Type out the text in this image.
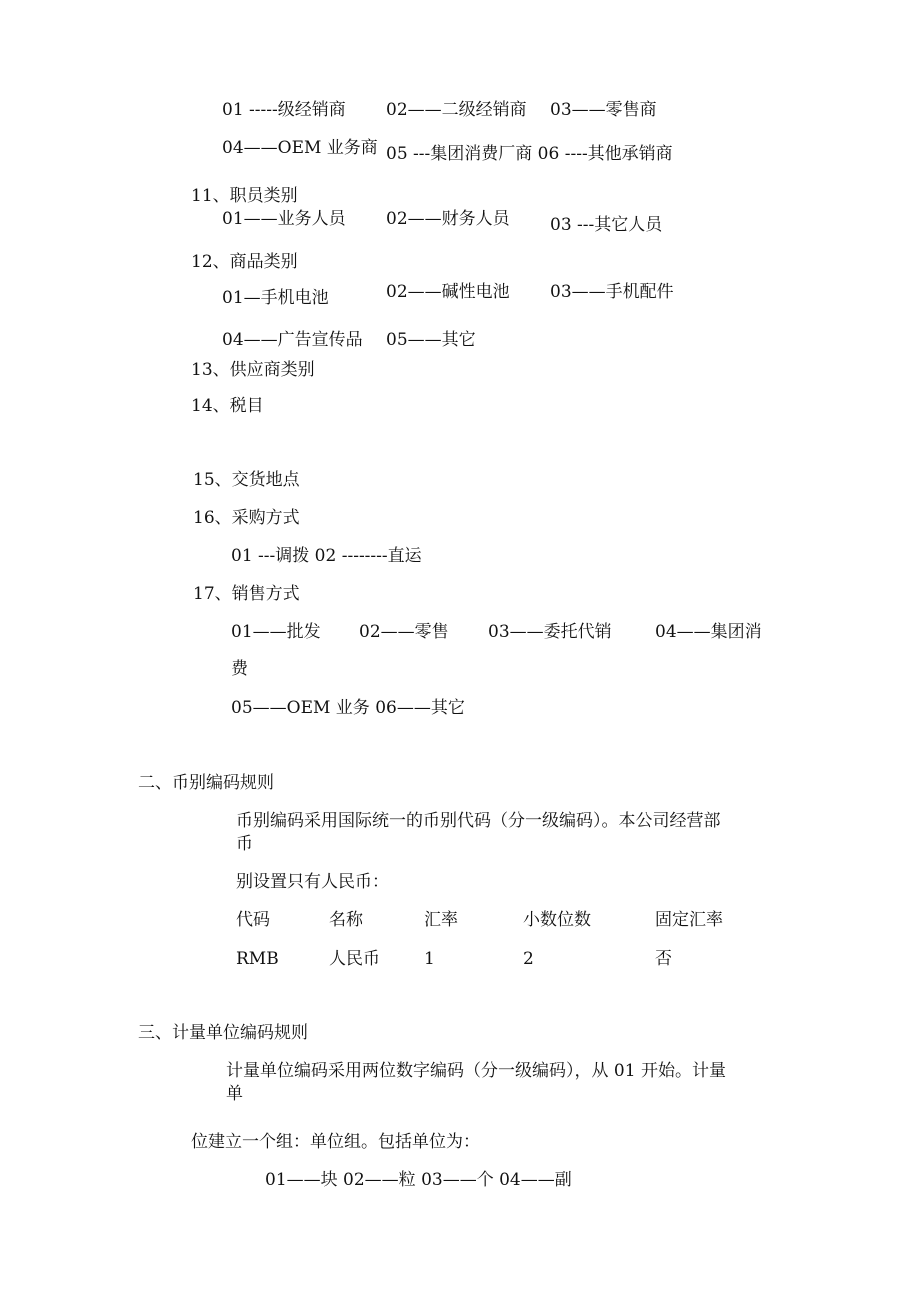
01 -----级经销商 02——二级经销商 03——零售商
04——OEM 业务商 05 ---集团消费厂商 06 ----其他承销商
11、职员类别
01——业务人员 02——财务人员 03 ---其它人员
12、商品类别
01—手机电池	02——碱性电池 03——手机配件
04——广告宣传品 05——其它
13、供应商类别
14、税目
15、交货地点
16、采购方式
01 ---调拨 02 --------直运
17、销售方式
01——批发 02——零售 03——委托代销	04——集团消
费
05——OEM 业务 06——其它
二、币别编码规则
币别编码采用国际统一的币别代码（分一级编码）。本公司经营部
币
别设置只有人民币：
代码	名称	汇率	小数位数	固定汇率
RMB	人民币	1	2	否
三、计量单位编码规则
计量单位编码采用两位数字编码（分一级编码），从 01 开始。计量
单
位建立一个组：单位组。包括单位为：
01——块 02——粒 03——个 04——副
